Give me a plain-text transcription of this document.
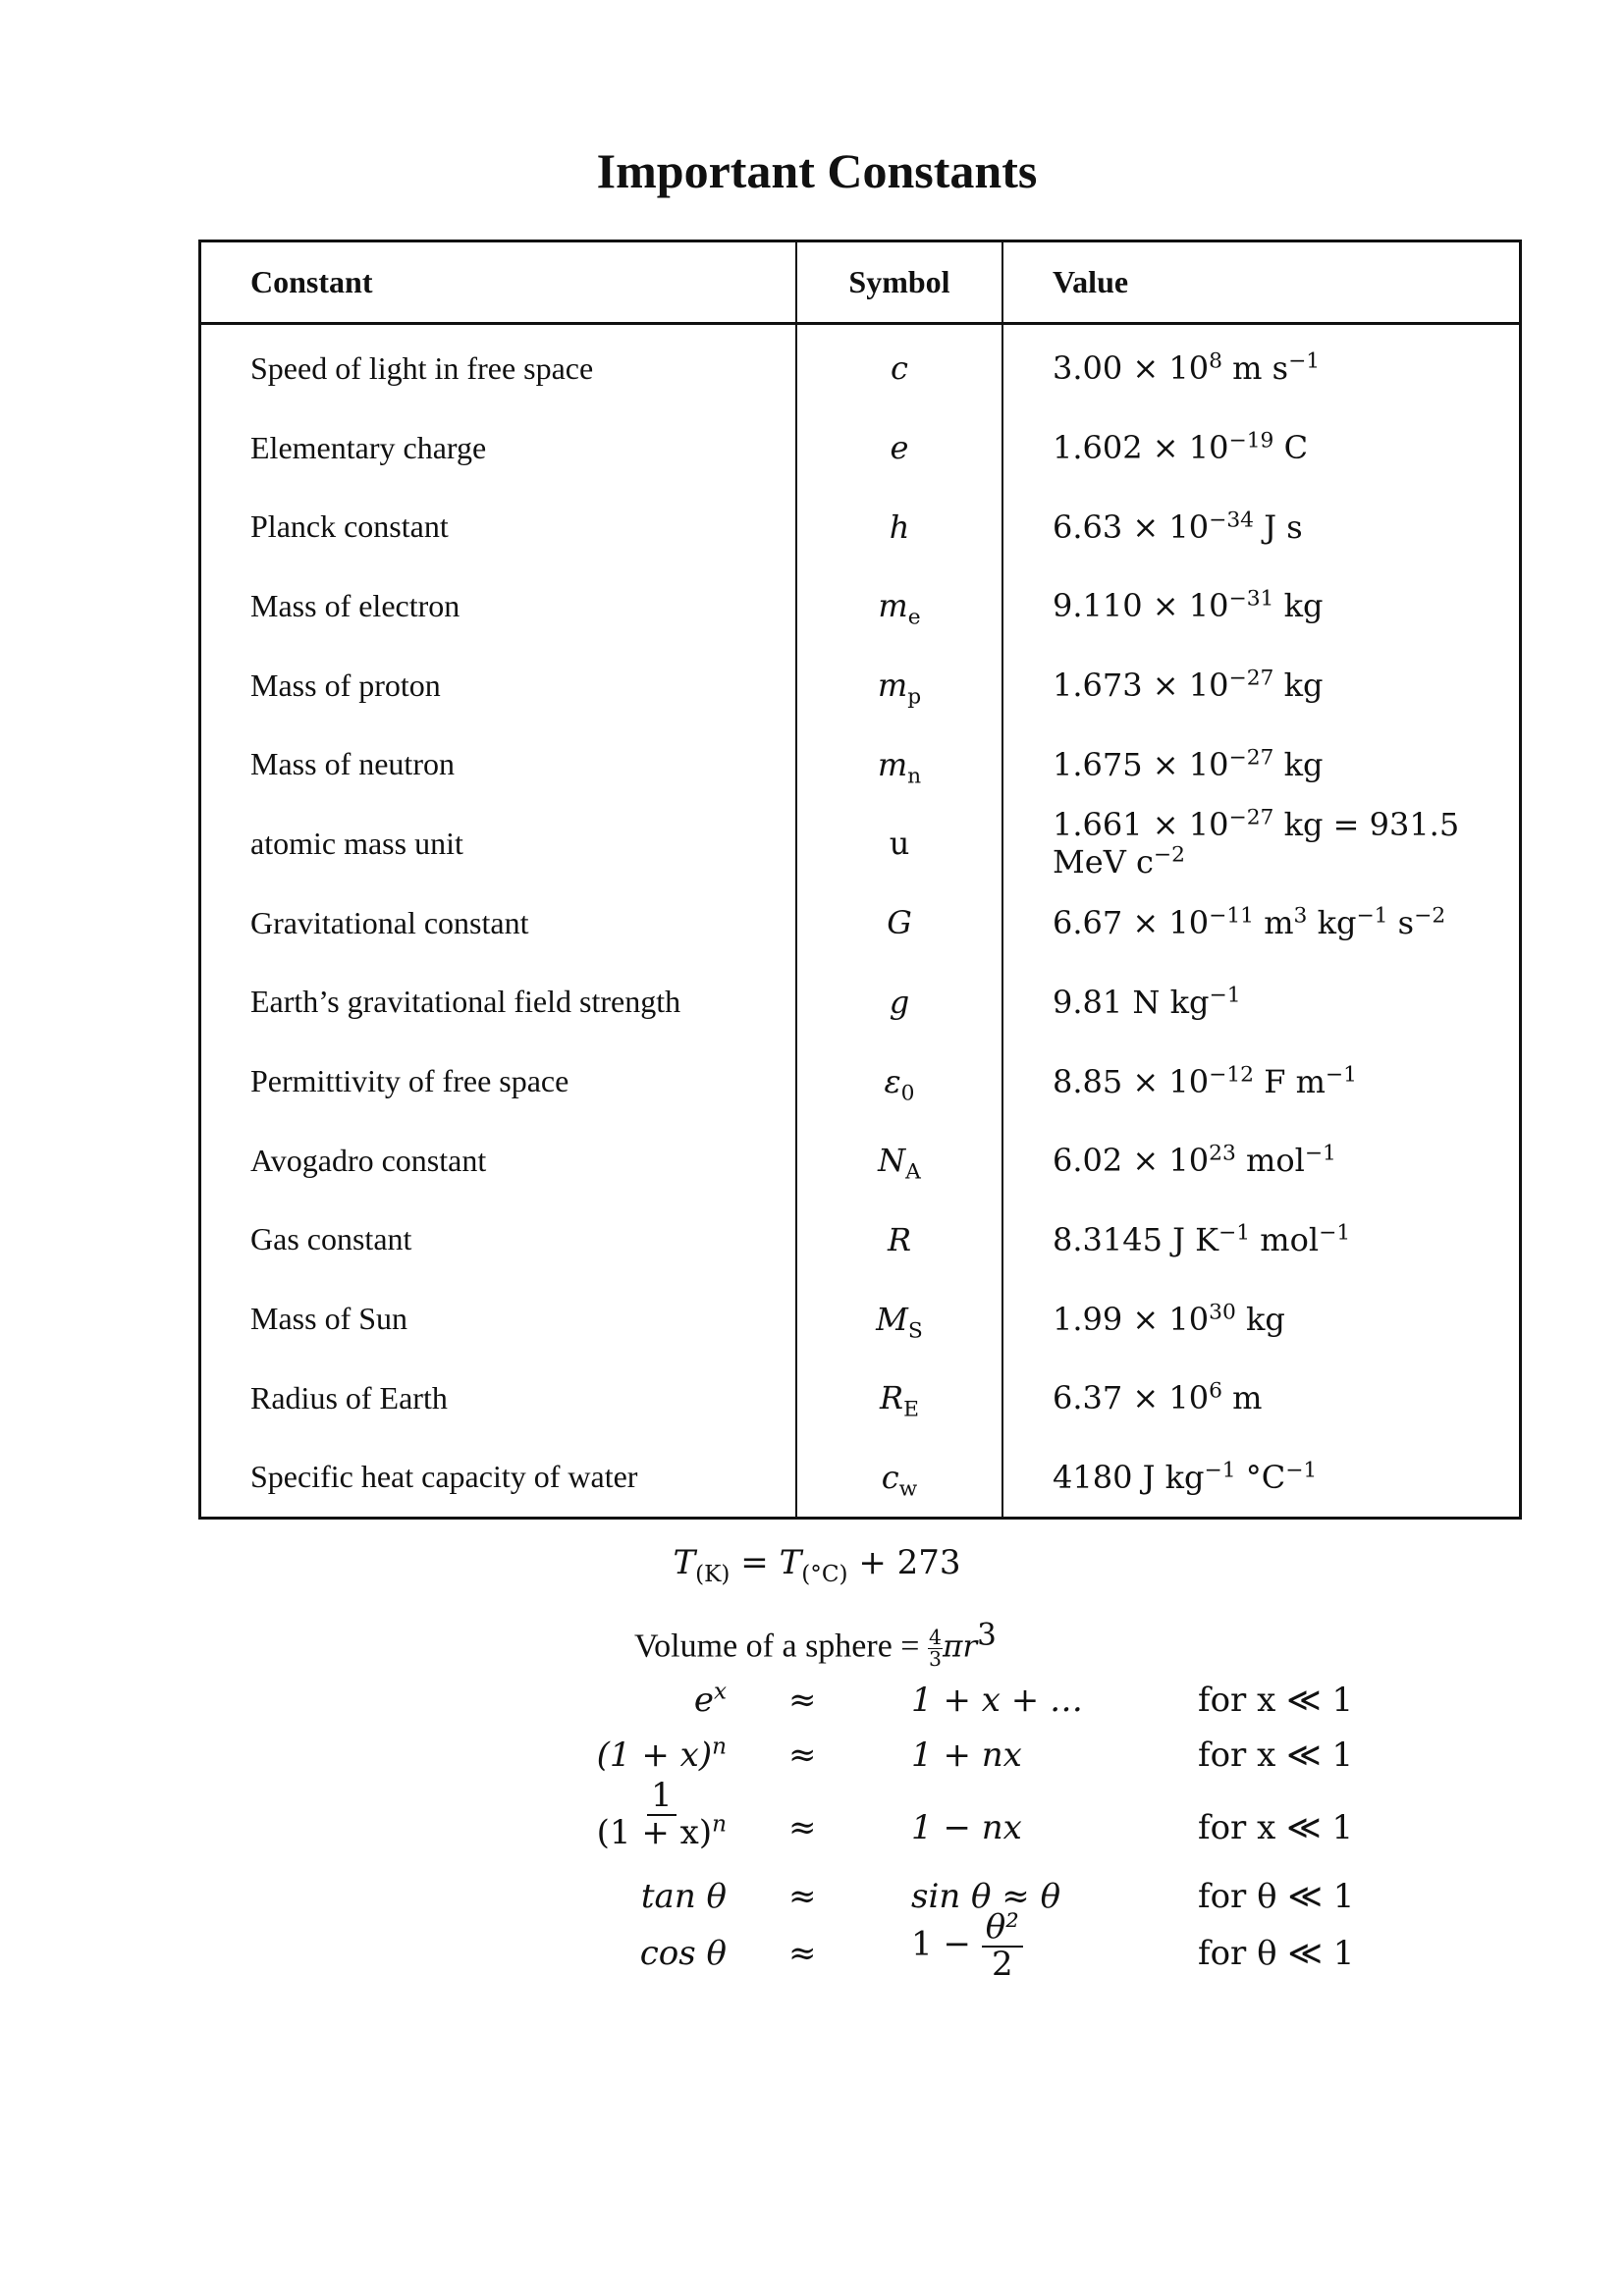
Important Constants
Constant	Symbol	Value
Speed of light in free space	c	$3.00 \times 10^8$ m $s^{-1}$
Elementary charge	e	$1.602 \times 10^{-19}$ C
Planck constant	h	$6.63 \times 10^{-34}$ J s
Mass of electron	$m_e$	$9.110 \times 10^{-31}$ kg
Mass of proton	$m_p$	$1.673 \times 10^{-27}$ kg
Mass of neutron	$m_n$	$1.675 \times 10^{-27}$ kg
atomic mass unit	u	$1.661 \times 10^{-27}$ kg = 931.5 MeV $c^{-2}$
Gravitational constant	G	$6.67 \times 10^{-11}$ $m^3$ $kg^{-1}$ $s^{-2}$
Earth’s gravitational field strength	g	9.81 N $kg^{-1}$
Permittivity of free space	$\varepsilon_0$	$8.85 \times 10^{-12}$ F $m^{-1}$
Avogadro constant	$N_A$	$6.02 \times 10^{23}$ mol$^{-1}$
Gas constant	R	8.3145 J $K^{-1}$ mol$^{-1}$
Mass of Sun	$M_S$	$1.99 \times 10^{30}$ kg
Radius of Earth	$R_E$	$6.37 \times 10^6$ m
Specific heat capacity of water	$c_w$	4180 J $kg^{-1}$ $^\circ C^{-1}$
$T_{(K)} = T_{(^\circ C)} + 273$
Volume of a sphere = $\frac{4}{3} \pi r^3$
$e^x$ ≈	1 + x + …	for x ≪ 1
$(1 + x)^n$ ≈	1 + nx	for x ≪ 1
$\frac{1}{(1 + x)^n}$ ≈	1 − nx	for x ≪ 1
tan θ ≈	sin θ ≈ θ	for θ ≪ 1
cos θ ≈	$1 - \frac{\text{θ²}}{2}$	for θ ≪ 1
